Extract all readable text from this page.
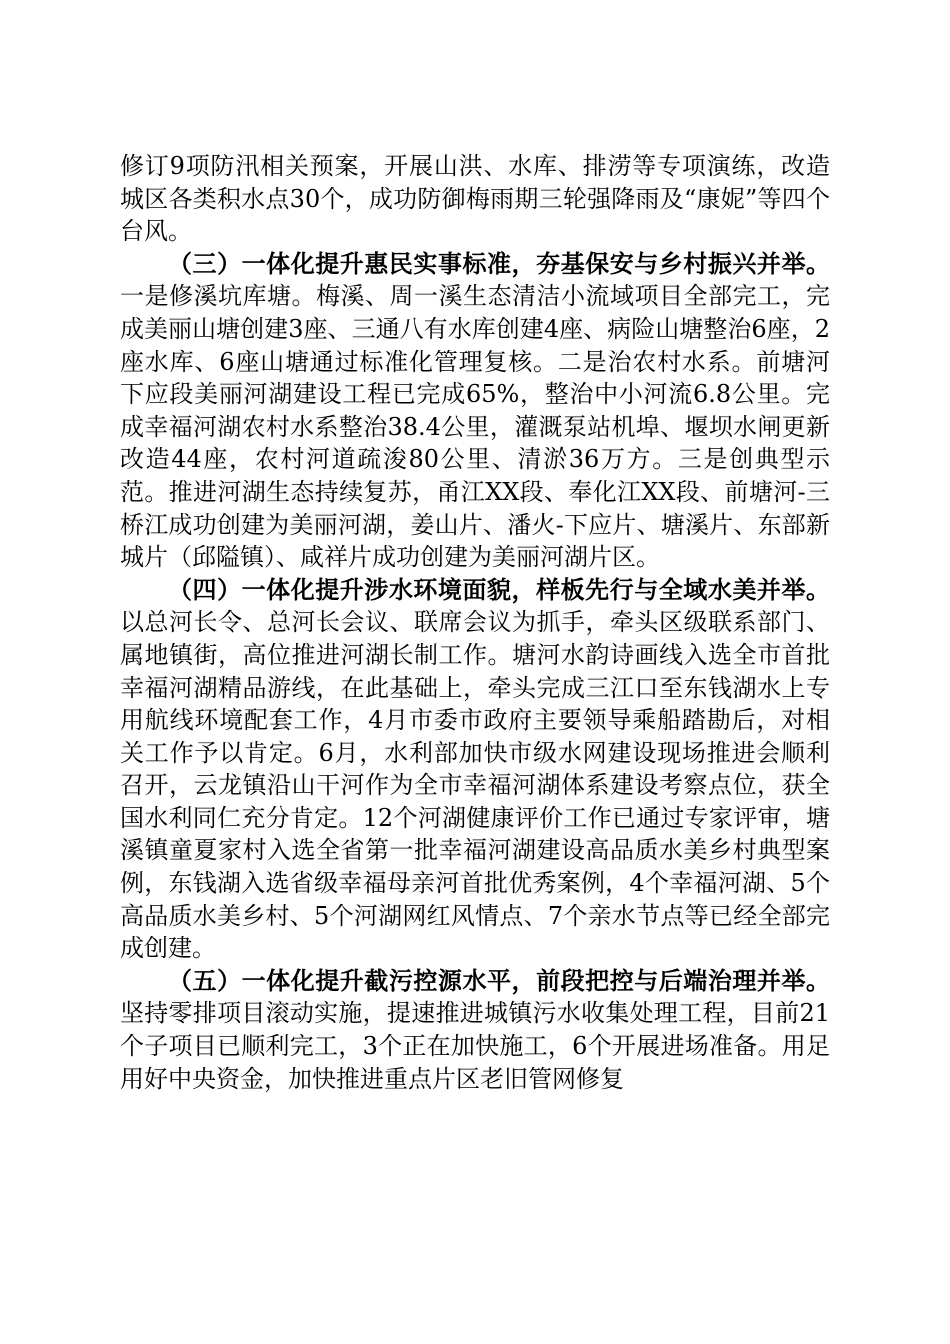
修订9项防汛相关预案，开展山洪、水库、排涝等专项演练，改造城区各类积水点30个，成功防御梅雨期三轮强降雨及“康妮”等四个台风。

（三）一体化提升惠民实事标准，夯基保安与乡村振兴并举。一是修溪坑库塘。梅溪、周一溪生态清洁小流域项目全部完工，完成美丽山塘创建3座、三通八有水库创建4座、病险山塘整治6座，2座水库、6座山塘通过标准化管理复核。二是治农村水系。前塘河下应段美丽河湖建设工程已完成65%，整治中小河流6.8公里。完成幸福河湖农村水系整治38.4公里，灌溉泵站机埠、堰坝水闸更新改造44座，农村河道疏浚80公里、清淤36万方。三是创典型示范。推进河湖生态持续复苏，甬江XX段、奉化江XX段、前塘河-三桥江成功创建为美丽河湖，姜山片、潘火-下应片、塘溪片、东部新城片（邱隘镇）、咸祥片成功创建为美丽河湖片区。

（四）一体化提升涉水环境面貌，样板先行与全域水美并举。以总河长令、总河长会议、联席会议为抓手，牵头区级联系部门、属地镇街，高位推进河湖长制工作。塘河水韵诗画线入选全市首批幸福河湖精品游线，在此基础上，牵头完成三江口至东钱湖水上专用航线环境配套工作，4月市委市政府主要领导乘船踏勘后，对相关工作予以肯定。6月，水利部加快市级水网建设现场推进会顺利召开，云龙镇沿山干河作为全市幸福河湖体系建设考察点位，获全国水利同仁充分肯定。12个河湖健康评价工作已通过专家评审，塘溪镇童夏家村入选全省第一批幸福河湖建设高品质水美乡村典型案例，东钱湖入选省级幸福母亲河首批优秀案例，4个幸福河湖、5个高品质水美乡村、5个河湖网红风情点、7个亲水节点等已经全部完成创建。

（五）一体化提升截污控源水平，前段把控与后端治理并举。坚持零排项目滚动实施，提速推进城镇污水收集处理工程，目前21个子项目已顺利完工，3个正在加快施工，6个开展进场准备。用足用好中央资金，加快推进重点片区老旧管网修复
